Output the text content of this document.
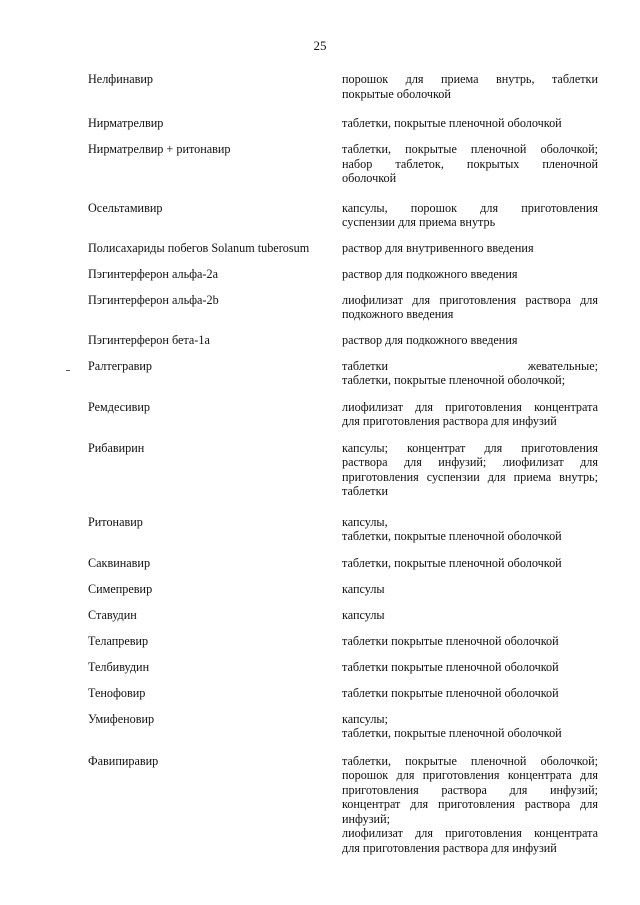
25
Нелфинавир	порошок для приема внутрь, таблетки
покрытые оболочкой
Нирматрелвир	таблетки, покрытые пленочной оболочкой
Нирматрелвир + ритонавир	таблетки, покрытые пленочной оболочкой;
набор таблеток, покрытых пленочной
оболочкой
Осельтамивир	капсулы, порошок для приготовления
суспензии для приема внутрь
Полисахариды побегов Solanum tuberosum	раствор для внутривенного введения
Пэгинтерферон альфа-2а	раствор для подкожного введения
Пэгинтерферон альфа-2b	лиофилизат для приготовления раствора для
подкожного введения
Пэгинтерферон бета-1а	раствор для подкожного введения
Ралтегравир	таблетки жевательные;
таблетки, покрытые пленочной оболочкой;
Ремдесивир	лиофилизат для приготовления концентрата
для приготовления раствора для инфузий
Рибавирин	капсулы; концентрат для приготовления
раствора для инфузий; лиофилизат для
приготовления суспензии для приема внутрь;
таблетки
Ритонавир	капсулы,
таблетки, покрытые пленочной оболочкой
Саквинавир	таблетки, покрытые пленочной оболочкой
Симепревир	капсулы
Ставудин	капсулы
Телапревир	таблетки покрытые пленочной оболочкой
Телбивудин	таблетки покрытые пленочной оболочкой
Тенофовир	таблетки покрытые пленочной оболочкой
Умифеновир	капсулы;
таблетки, покрытые пленочной оболочкой
Фавипиравир	таблетки, покрытые пленочной оболочкой;
порошок для приготовления концентрата для
приготовления раствора для инфузий;
концентрат для приготовления раствора для
инфузий;
лиофилизат для приготовления концентрата
для приготовления раствора для инфузий
